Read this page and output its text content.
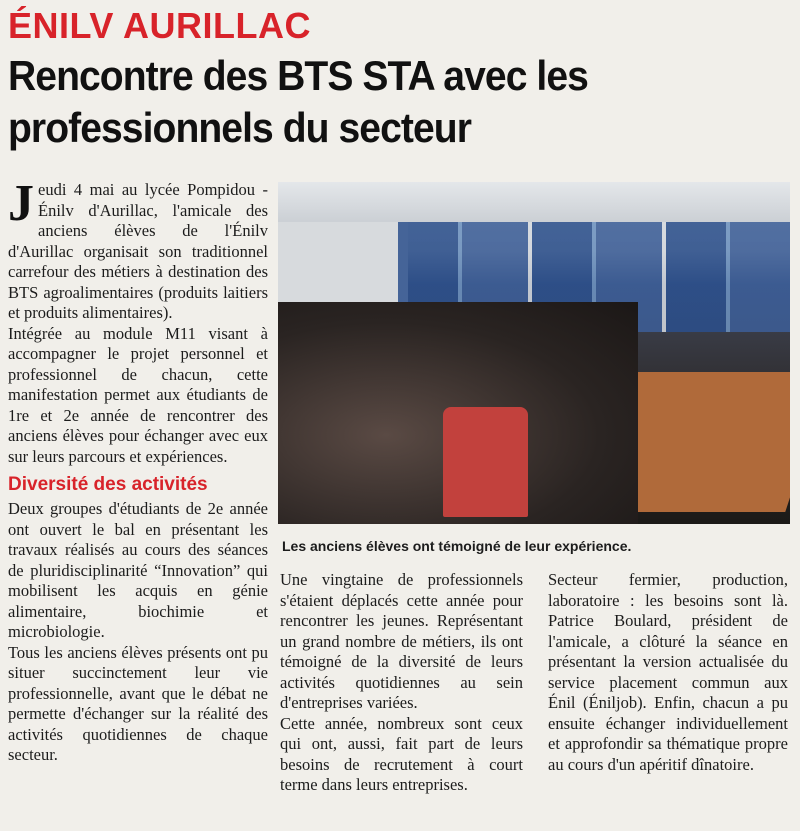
ÉNILV AURILLAC
Rencontre des BTS STA avec les professionnels du secteur

Jeudi 4 mai au lycée Pompidou - Énilv d'Aurillac, l'amicale des anciens élèves de l'Énilv d'Aurillac organisait son traditionnel carrefour des métiers à destination des BTS agroalimentaires (produits laitiers et produits alimentaires).

Intégrée au module M11 visant à accompagner le projet personnel et professionnel de chacun, cette manifestation permet aux étudiants de 1re et 2e année de rencontrer des anciens élèves pour échanger avec eux sur leurs parcours et expériences.

Diversité des activités

Deux groupes d'étudiants de 2e année ont ouvert le bal en présentant les travaux réalisés au cours des séances de pluridisciplinarité “Innovation” qui mobilisent les acquis en génie alimentaire, biochimie et microbiologie.

Tous les anciens élèves présents ont pu situer succinctement leur vie professionnelle, avant que le débat ne permette d'échanger sur la réalité des activités quotidiennes de chaque secteur.

Les anciens élèves ont témoigné de leur expérience.

Une vingtaine de professionnels s'étaient déplacés cette année pour rencontrer les jeunes. Représentant un grand nombre de métiers, ils ont témoigné de la diversité de leurs activités quotidiennes au sein d'entreprises variées.

Cette année, nombreux sont ceux qui ont, aussi, fait part de leurs besoins de recrutement à court terme dans leurs entreprises.

Secteur fermier, production, laboratoire : les besoins sont là. Patrice Boulard, président de l'amicale, a clôturé la séance en présentant la version actualisée du service placement commun aux Énil (Éniljob). Enfin, chacun a pu ensuite échanger individuellement et approfondir sa thématique propre au cours d'un apéritif dînatoire.
